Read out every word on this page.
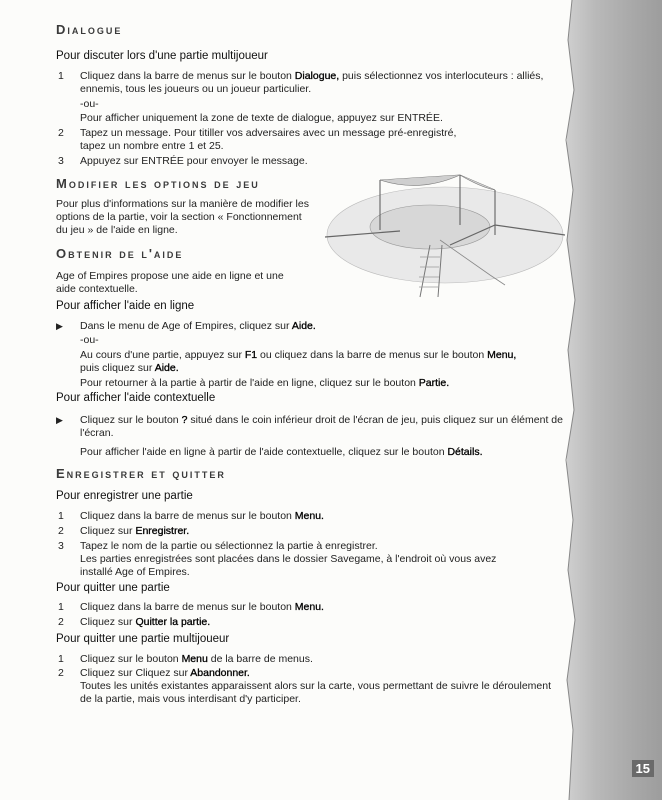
15
Dialogue
Pour discuter lors d'une partie multijoueur
1 Cliquez dans la barre de menus sur le bouton Dialogue, puis sélectionnez vos interlocuteurs : alliés,
ennemis, tous les joueurs ou un joueur particulier.
-ou-
Pour afficher uniquement la zone de texte de dialogue, appuyez sur ENTRÉE.
2 Tapez un message. Pour titiller vos adversaires avec un message pré-enregistré,
tapez un nombre entre 1 et 25.
3 Appuyez sur ENTRÉE pour envoyer le message.
Modifier les options de jeu
Pour plus d'informations sur la manière de modifier les
options de la partie, voir la section « Fonctionnement
du jeu » de l'aide en ligne.
Obtenir de l'aide
Age of Empires propose une aide en ligne et une
aide contextuelle.
Pour afficher l'aide en ligne
▶ Dans le menu de Age of Empires, cliquez sur Aide.
-ou-
Au cours d'une partie, appuyez sur F1 ou cliquez dans la barre de menus sur le bouton Menu,
puis cliquez sur Aide.
Pour retourner à la partie à partir de l'aide en ligne, cliquez sur le bouton Partie.
Pour afficher l'aide contextuelle
▶ Cliquez sur le bouton ? situé dans le coin inférieur droit de l'écran de jeu, puis cliquez sur un élément de
l'écran.
Pour afficher l'aide en ligne à partir de l'aide contextuelle, cliquez sur le bouton Détails.
Enregistrer et quitter
Pour enregistrer une partie
1 Cliquez dans la barre de menus sur le bouton Menu.
2 Cliquez sur Enregistrer.
3 Tapez le nom de la partie ou sélectionnez la partie à enregistrer.
Les parties enregistrées sont placées dans le dossier Savegame, à l'endroit où vous avez
installé Age of Empires.
Pour quitter une partie
1 Cliquez dans la barre de menus sur le bouton Menu.
2 Cliquez sur Quitter la partie.
Pour quitter une partie multijoueur
1 Cliquez sur le bouton Menu de la barre de menus.
2 Cliquez sur Cliquez sur Abandonner.
Toutes les unités existantes apparaissent alors sur la carte, vous permettant de suivre le déroulement
de la partie, mais vous interdisant d'y participer.
